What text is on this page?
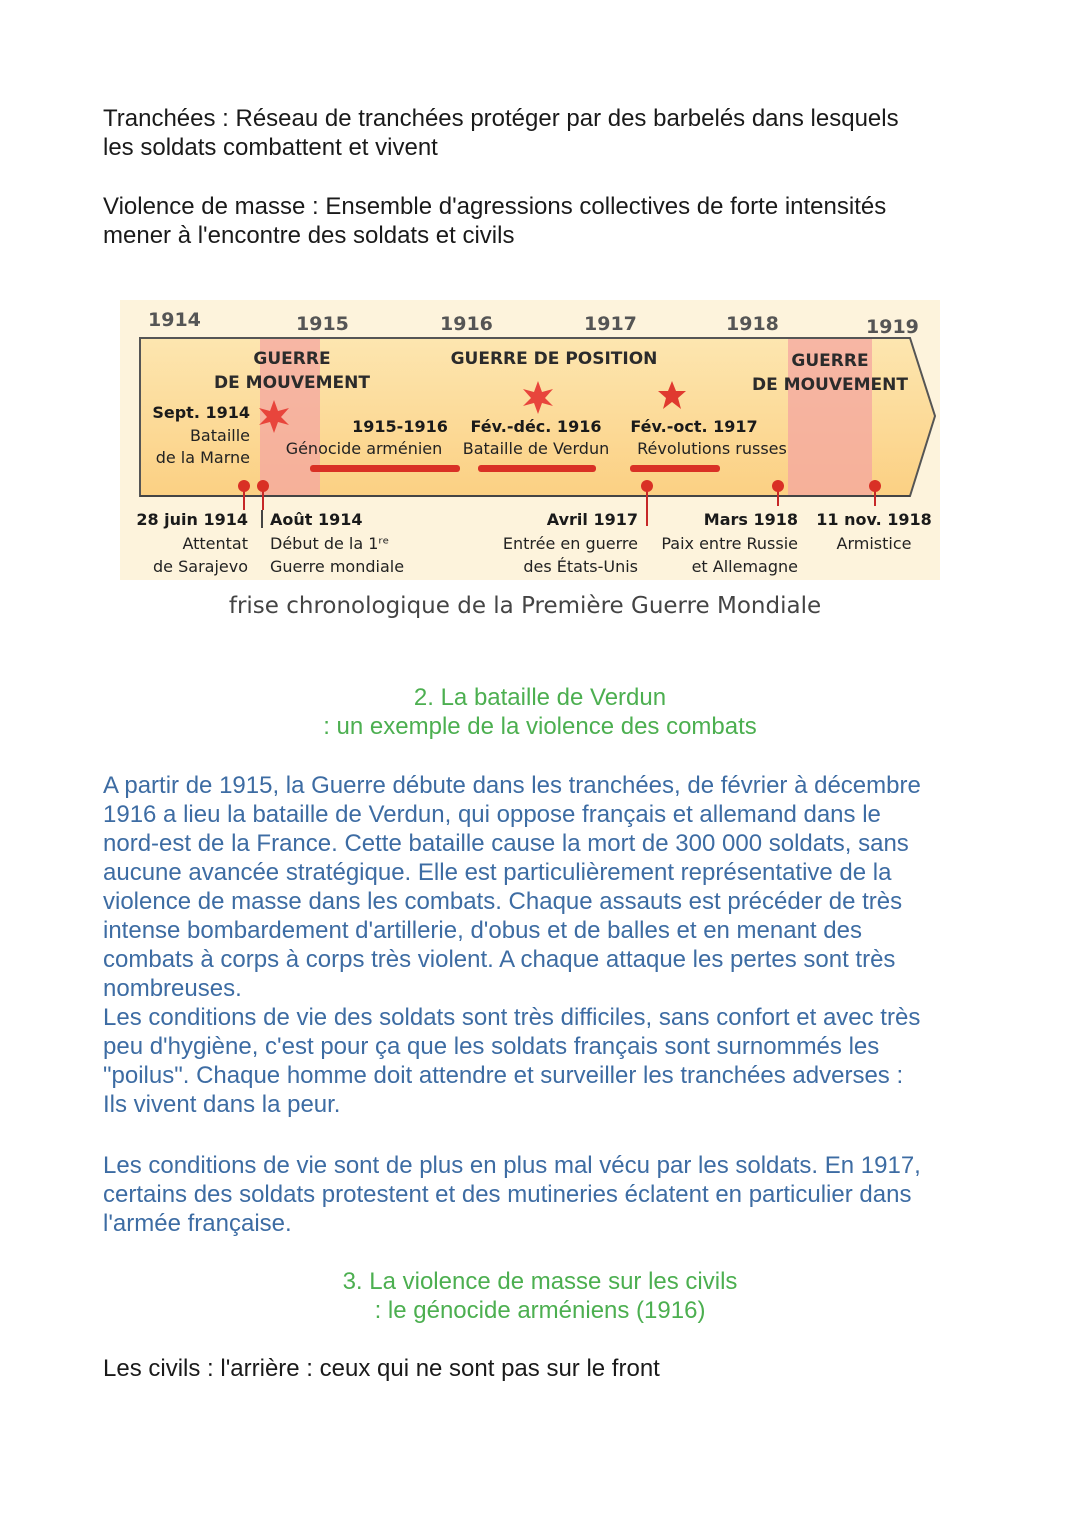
Tranchées : Réseau de tranchées protéger par des barbelés dans lesquels
les soldats combattent et vivent
Violence de masse : Ensemble d'agressions collectives de forte intensités
mener à l'encontre des soldats et civils
1914	1915	1916	1917	1918	1919
GUERRE
DE MOUVEMENT
GUERRE DE POSITION	GUERRE
DE MOUVEMENT
Sept. 1914
Bataille
de la Marne
1915-1916
Génocide arménien
Fév.-déc. 1916
Bataille de Verdun
Fév.-oct. 1917
Révolutions russes
28 juin 1914
Attentat
de Sarajevo
Août 1914
Début de la 1ʳᵉ
Guerre mondiale
Avril 1917
Entrée en guerre
des États-Unis
Mars 1918
Paix entre Russie
et Allemagne
11 nov. 1918
Armistice
frise chronologique de la Première Guerre Mondiale
2. La bataille de Verdun
: un exemple de la violence des combats
A partir de 1915, la Guerre débute dans les tranchées, de février à décembre
1916 a lieu la bataille de Verdun, qui oppose français et allemand dans le
nord-est de la France. Cette bataille cause la mort de 300 000 soldats, sans
aucune avancée stratégique. Elle est particulièrement représentative de la
violence de masse dans les combats. Chaque assauts est précéder de très
intense bombardement d'artillerie, d'obus et de balles et en menant des
combats à corps à corps très violent. A chaque attaque les pertes sont très
nombreuses.
Les conditions de vie des soldats sont très difficiles, sans confort et avec très
peu d'hygiène, c'est pour ça que les soldats français sont surnommés les
"poilus". Chaque homme doit attendre et surveiller les tranchées adverses :
Ils vivent dans la peur.
Les conditions de vie sont de plus en plus mal vécu par les soldats. En 1917,
certains des soldats protestent et des mutineries éclatent en particulier dans
l'armée française.
3. La violence de masse sur les civils
: le génocide arméniens (1916)
Les civils : l'arrière : ceux qui ne sont pas sur le front
